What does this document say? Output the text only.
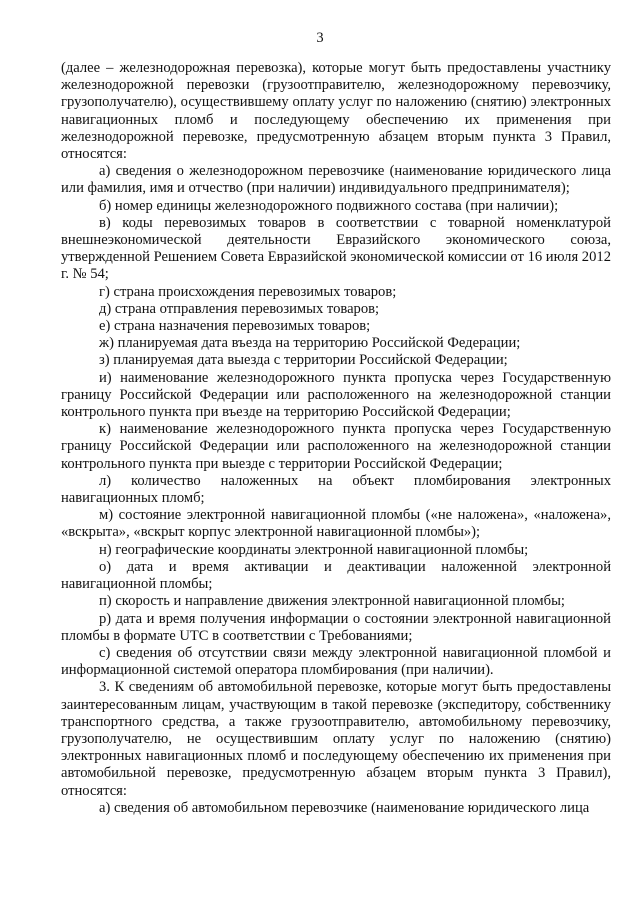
3

(далее – железнодорожная перевозка), которые могут быть предоставлены участнику железнодорожной перевозки (грузоотправителю, железнодорожному перевозчику, грузополучателю), осуществившему оплату услуг по наложению (снятию) электронных навигационных пломб и последующему обеспечению их применения при железнодорожной перевозке, предусмотренную абзацем вторым пункта 3 Правил, относятся:

а) сведения о железнодорожном перевозчике (наименование юридического лица или фамилия, имя и отчество (при наличии) индивидуального предпринимателя);

б) номер единицы железнодорожного подвижного состава (при наличии);

в) коды перевозимых товаров в соответствии с товарной номенклатурой внешнеэкономической деятельности Евразийского экономического союза, утвержденной Решением Совета Евразийской экономической комиссии от 16 июля 2012 г. № 54;

г) страна происхождения перевозимых товаров;

д) страна отправления перевозимых товаров;

е) страна назначения перевозимых товаров;

ж) планируемая дата въезда на территорию Российской Федерации;

з) планируемая дата выезда с территории Российской Федерации;

и) наименование железнодорожного пункта пропуска через Государственную границу Российской Федерации или расположенного на железнодорожной станции контрольного пункта при въезде на территорию Российской Федерации;

к) наименование железнодорожного пункта пропуска через Государственную границу Российской Федерации или расположенного на железнодорожной станции контрольного пункта при выезде с территории Российской Федерации;

л) количество наложенных на объект пломбирования электронных навигационных пломб;

м) состояние электронной навигационной пломбы («не наложена», «наложена», «вскрыта», «вскрыт корпус электронной навигационной пломбы»);

н) географические координаты электронной навигационной пломбы;

о) дата и время активации и деактивации наложенной электронной навигационной пломбы;

п) скорость и направление движения электронной навигационной пломбы;

р) дата и время получения информации о состоянии электронной навигационной пломбы в формате UTC в соответствии с Требованиями;

с) сведения об отсутствии связи между электронной навигационной пломбой и информационной системой оператора пломбирования (при наличии).

3. К сведениям об автомобильной перевозке, которые могут быть предоставлены заинтересованным лицам, участвующим в такой перевозке (экспедитору, собственнику транспортного средства, а также грузоотправителю, автомобильному перевозчику, грузополучателю, не осуществившим оплату услуг по наложению (снятию) электронных навигационных пломб и последующему обеспечению их применения при автомобильной перевозке, предусмотренную абзацем вторым пункта 3 Правил), относятся:

а) сведения об автомобильном перевозчике (наименование юридического лица
